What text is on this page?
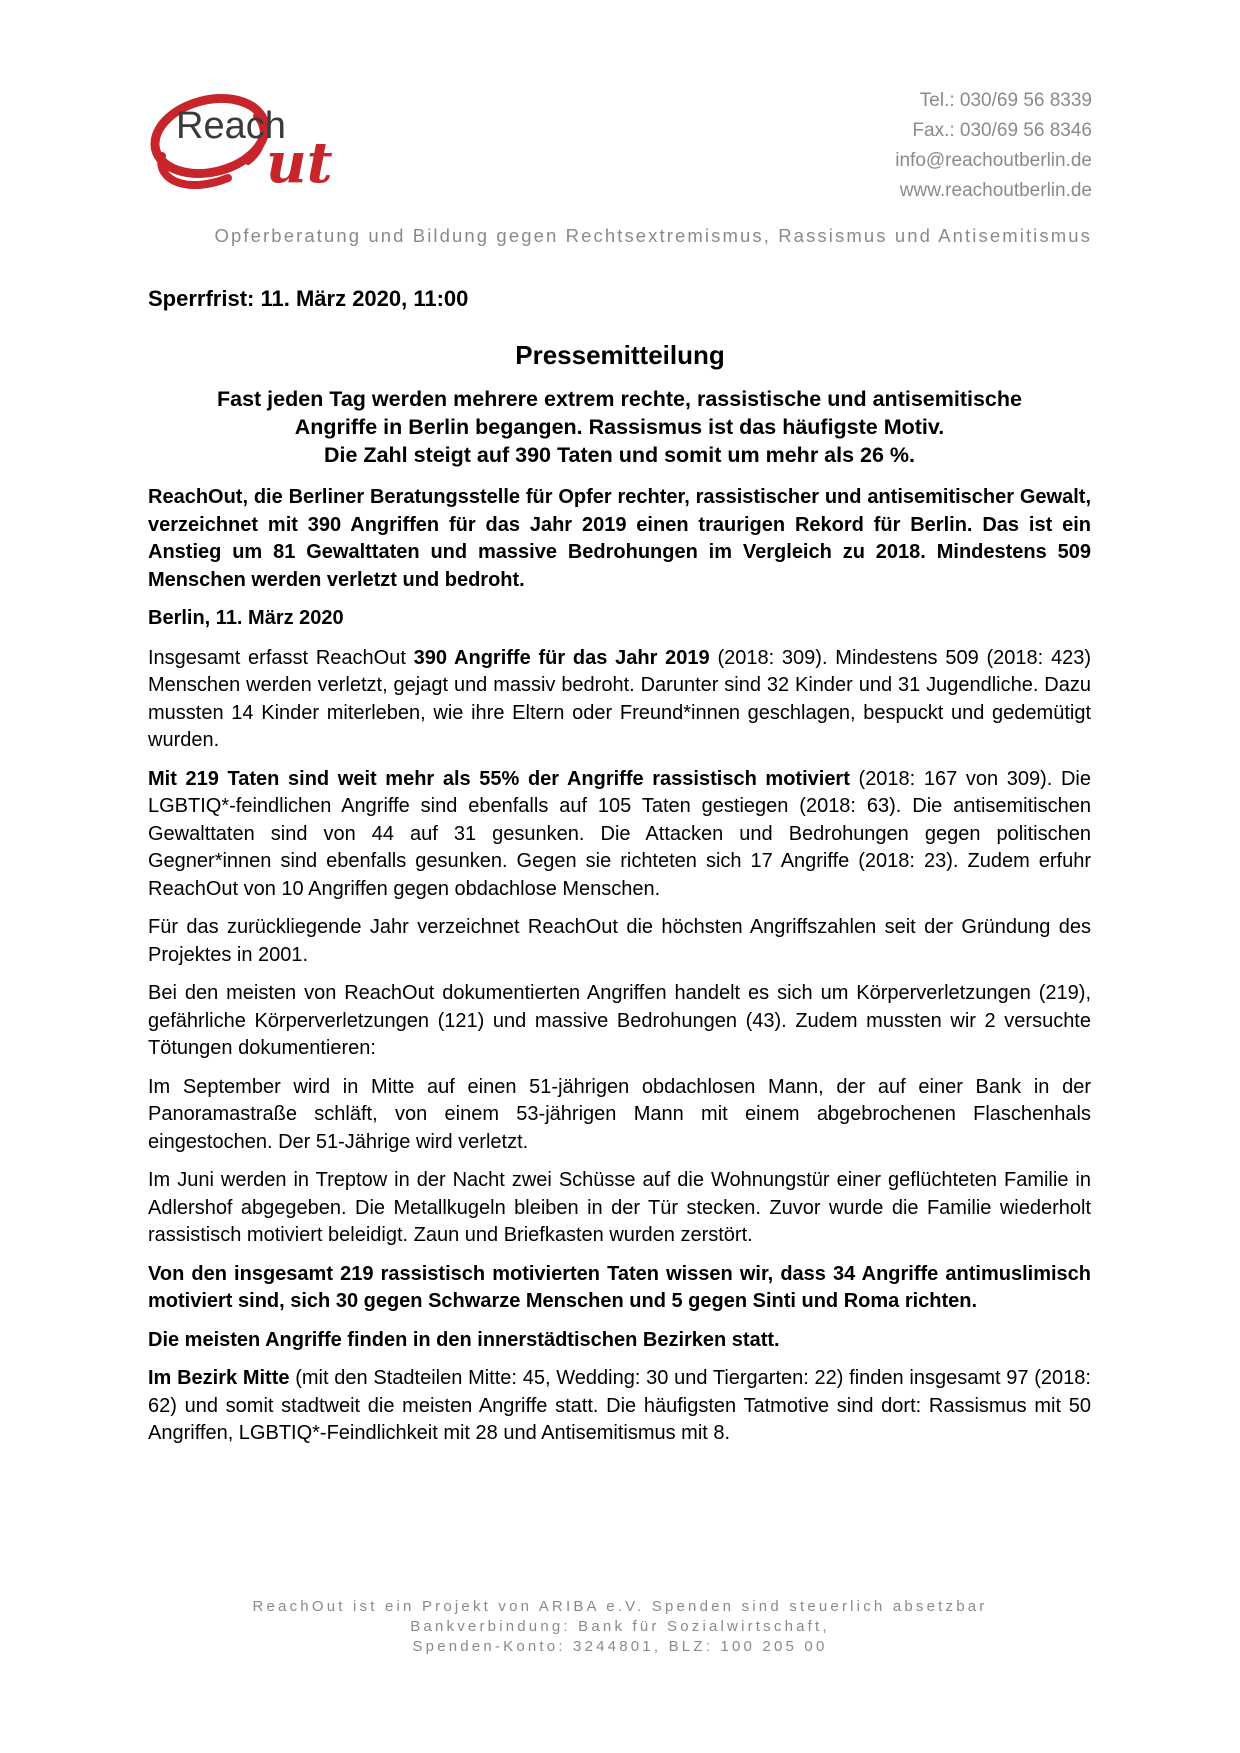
Reach
ut
Tel.: 030/69 56 8339
Fax.: 030/69 56 8346
info@reachoutberlin.de
www.reachoutberlin.de
Opferberatung und Bildung gegen Rechtsextremismus, Rassismus und Antisemitismus
Sperrfrist: 11. März 2020, 11:00
Pressemitteilung
Fast jeden Tag werden mehrere extrem rechte, rassistische und antisemitische
Angriffe in Berlin begangen. Rassismus ist das häufigste Motiv.
Die Zahl steigt auf 390 Taten und somit um mehr als 26 %.

ReachOut, die Berliner Beratungsstelle für Opfer rechter, rassistischer und antisemitischer Gewalt, verzeichnet mit 390 Angriffen für das Jahr 2019 einen traurigen Rekord für Berlin. Das ist ein Anstieg um 81 Gewalttaten und massive Bedrohungen im Vergleich zu 2018. Mindestens 509 Menschen werden verletzt und bedroht.

Berlin, 11. März 2020

Insgesamt erfasst ReachOut 390 Angriffe für das Jahr 2019 (2018: 309). Mindestens 509 (2018: 423) Menschen werden verletzt, gejagt und massiv bedroht. Darunter sind 32 Kinder und 31 Jugendliche. Dazu mussten 14 Kinder miterleben, wie ihre Eltern oder Freund*innen geschlagen, bespuckt und gedemütigt wurden.

Mit 219 Taten sind weit mehr als 55% der Angriffe rassistisch motiviert (2018: 167 von 309). Die LGBTIQ*-feindlichen Angriffe sind ebenfalls auf 105 Taten gestiegen (2018: 63). Die antisemitischen Gewalttaten sind von 44 auf 31 gesunken. Die Attacken und Bedrohungen gegen politischen Gegner*innen sind ebenfalls gesunken. Gegen sie richteten sich 17 Angriffe (2018: 23). Zudem erfuhr ReachOut von 10 Angriffen gegen obdachlose Menschen.

Für das zurückliegende Jahr verzeichnet ReachOut die höchsten Angriffszahlen seit der Gründung des Projektes in 2001.

Bei den meisten von ReachOut dokumentierten Angriffen handelt es sich um Körperverletzungen (219), gefährliche Körperverletzungen (121) und massive Bedrohungen (43). Zudem mussten wir 2 versuchte Tötungen dokumentieren:

Im September wird in Mitte auf einen 51-jährigen obdachlosen Mann, der auf einer Bank in der Panoramastraße schläft, von einem 53-jährigen Mann mit einem abgebrochenen Flaschenhals eingestochen. Der 51-Jährige wird verletzt.

Im Juni werden in Treptow in der Nacht zwei Schüsse auf die Wohnungstür einer geflüchteten Familie in Adlershof abgegeben. Die Metallkugeln bleiben in der Tür stecken. Zuvor wurde die Familie wiederholt rassistisch motiviert beleidigt. Zaun und Briefkasten wurden zerstört.

Von den insgesamt 219 rassistisch motivierten Taten wissen wir, dass 34 Angriffe antimuslimisch motiviert sind, sich 30 gegen Schwarze Menschen und 5 gegen Sinti und Roma richten.

Die meisten Angriffe finden in den innerstädtischen Bezirken statt.

Im Bezirk Mitte (mit den Stadteilen Mitte: 45, Wedding: 30 und Tiergarten: 22) finden insgesamt 97 (2018: 62) und somit stadtweit die meisten Angriffe statt. Die häufigsten Tatmotive sind dort: Rassismus mit 50 Angriffen, LGBTIQ*-Feindlichkeit mit 28 und Antisemitismus mit 8.

ReachOut ist ein Projekt von ARIBA e.V. Spenden sind steuerlich absetzbar
Bankverbindung: Bank für Sozialwirtschaft,
Spenden-Konto: 3244801, BLZ: 100 205 00
